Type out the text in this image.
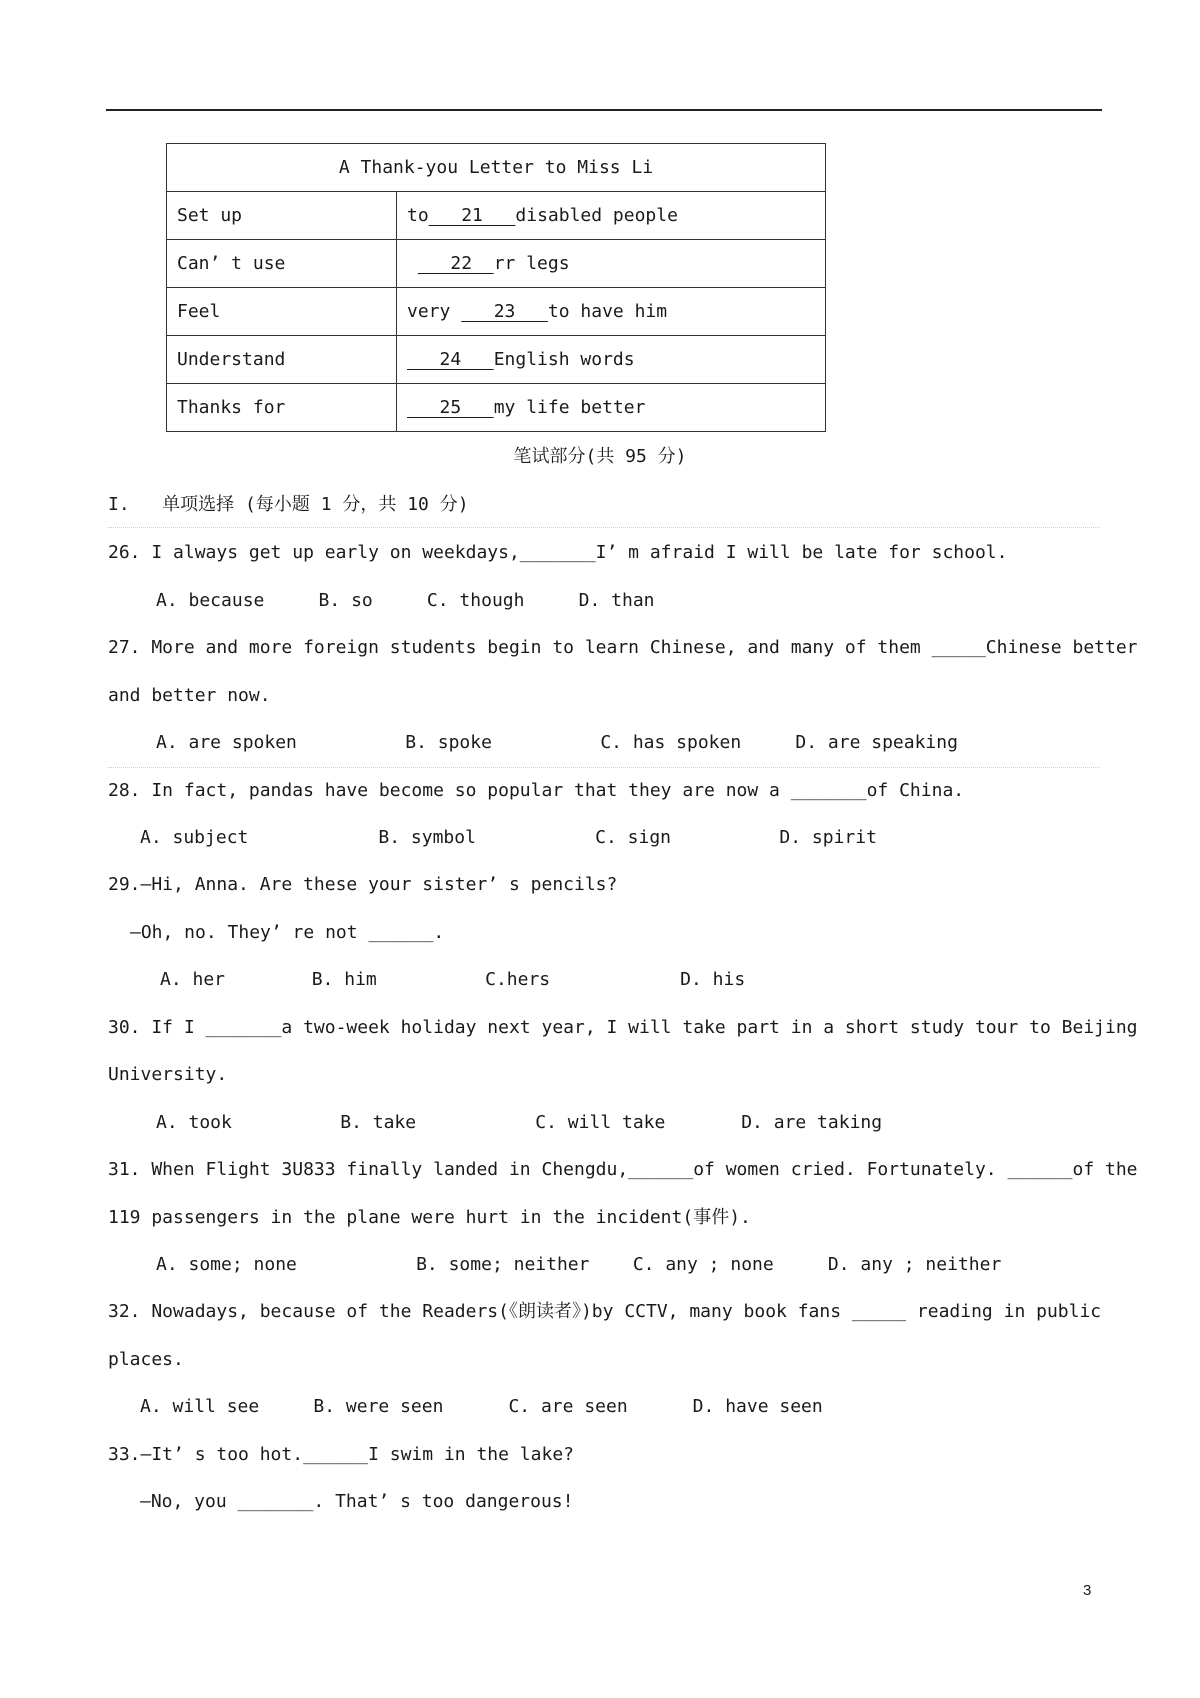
A Thank-you Letter to Miss Li	
Set up	to   21   disabled people
Can’ t use	22  rr legs
Feel	very    23   to have him
Understand	24   English words
Thanks for	25   my life better
笔试部分(共 95 分)
I.   单项选择 (每小题 1 分，共 10 分)
26. I always get up early on weekdays,_______I’ m afraid I will be late for school.
A. because     B. so     C. though     D. than
27. More and more foreign students begin to learn Chinese, and many of them _____Chinese better
and better now.
A. are spoken          B. spoke          C. has spoken     D. are speaking
28. In fact, pandas have become so popular that they are now a _______of China.
A. subject            B. symbol           C. sign          D. spirit
29.—Hi, Anna. Are these your sister’ s pencils?
—Oh, no. They’ re not ______.
A. her        B. him          C.hers            D. his
30. If I _______a two-week holiday next year, I will take part in a short study tour to Beijing
University.
A. took          B. take           C. will take       D. are taking
31. When Flight 3U833 finally landed in Chengdu,______of women cried. Fortunately. ______of the
119 passengers in the plane were hurt in the incident(事件).
A. some; none           B. some; neither    C. any ; none     D. any ; neither
32. Nowadays, because of the Readers(《朗读者》)by CCTV, many book fans _____ reading in public
places.
A. will see     B. were seen      C. are seen      D. have seen
33.—It’ s too hot.______I swim in the lake?
—No, you _______. That’ s too dangerous!
3
